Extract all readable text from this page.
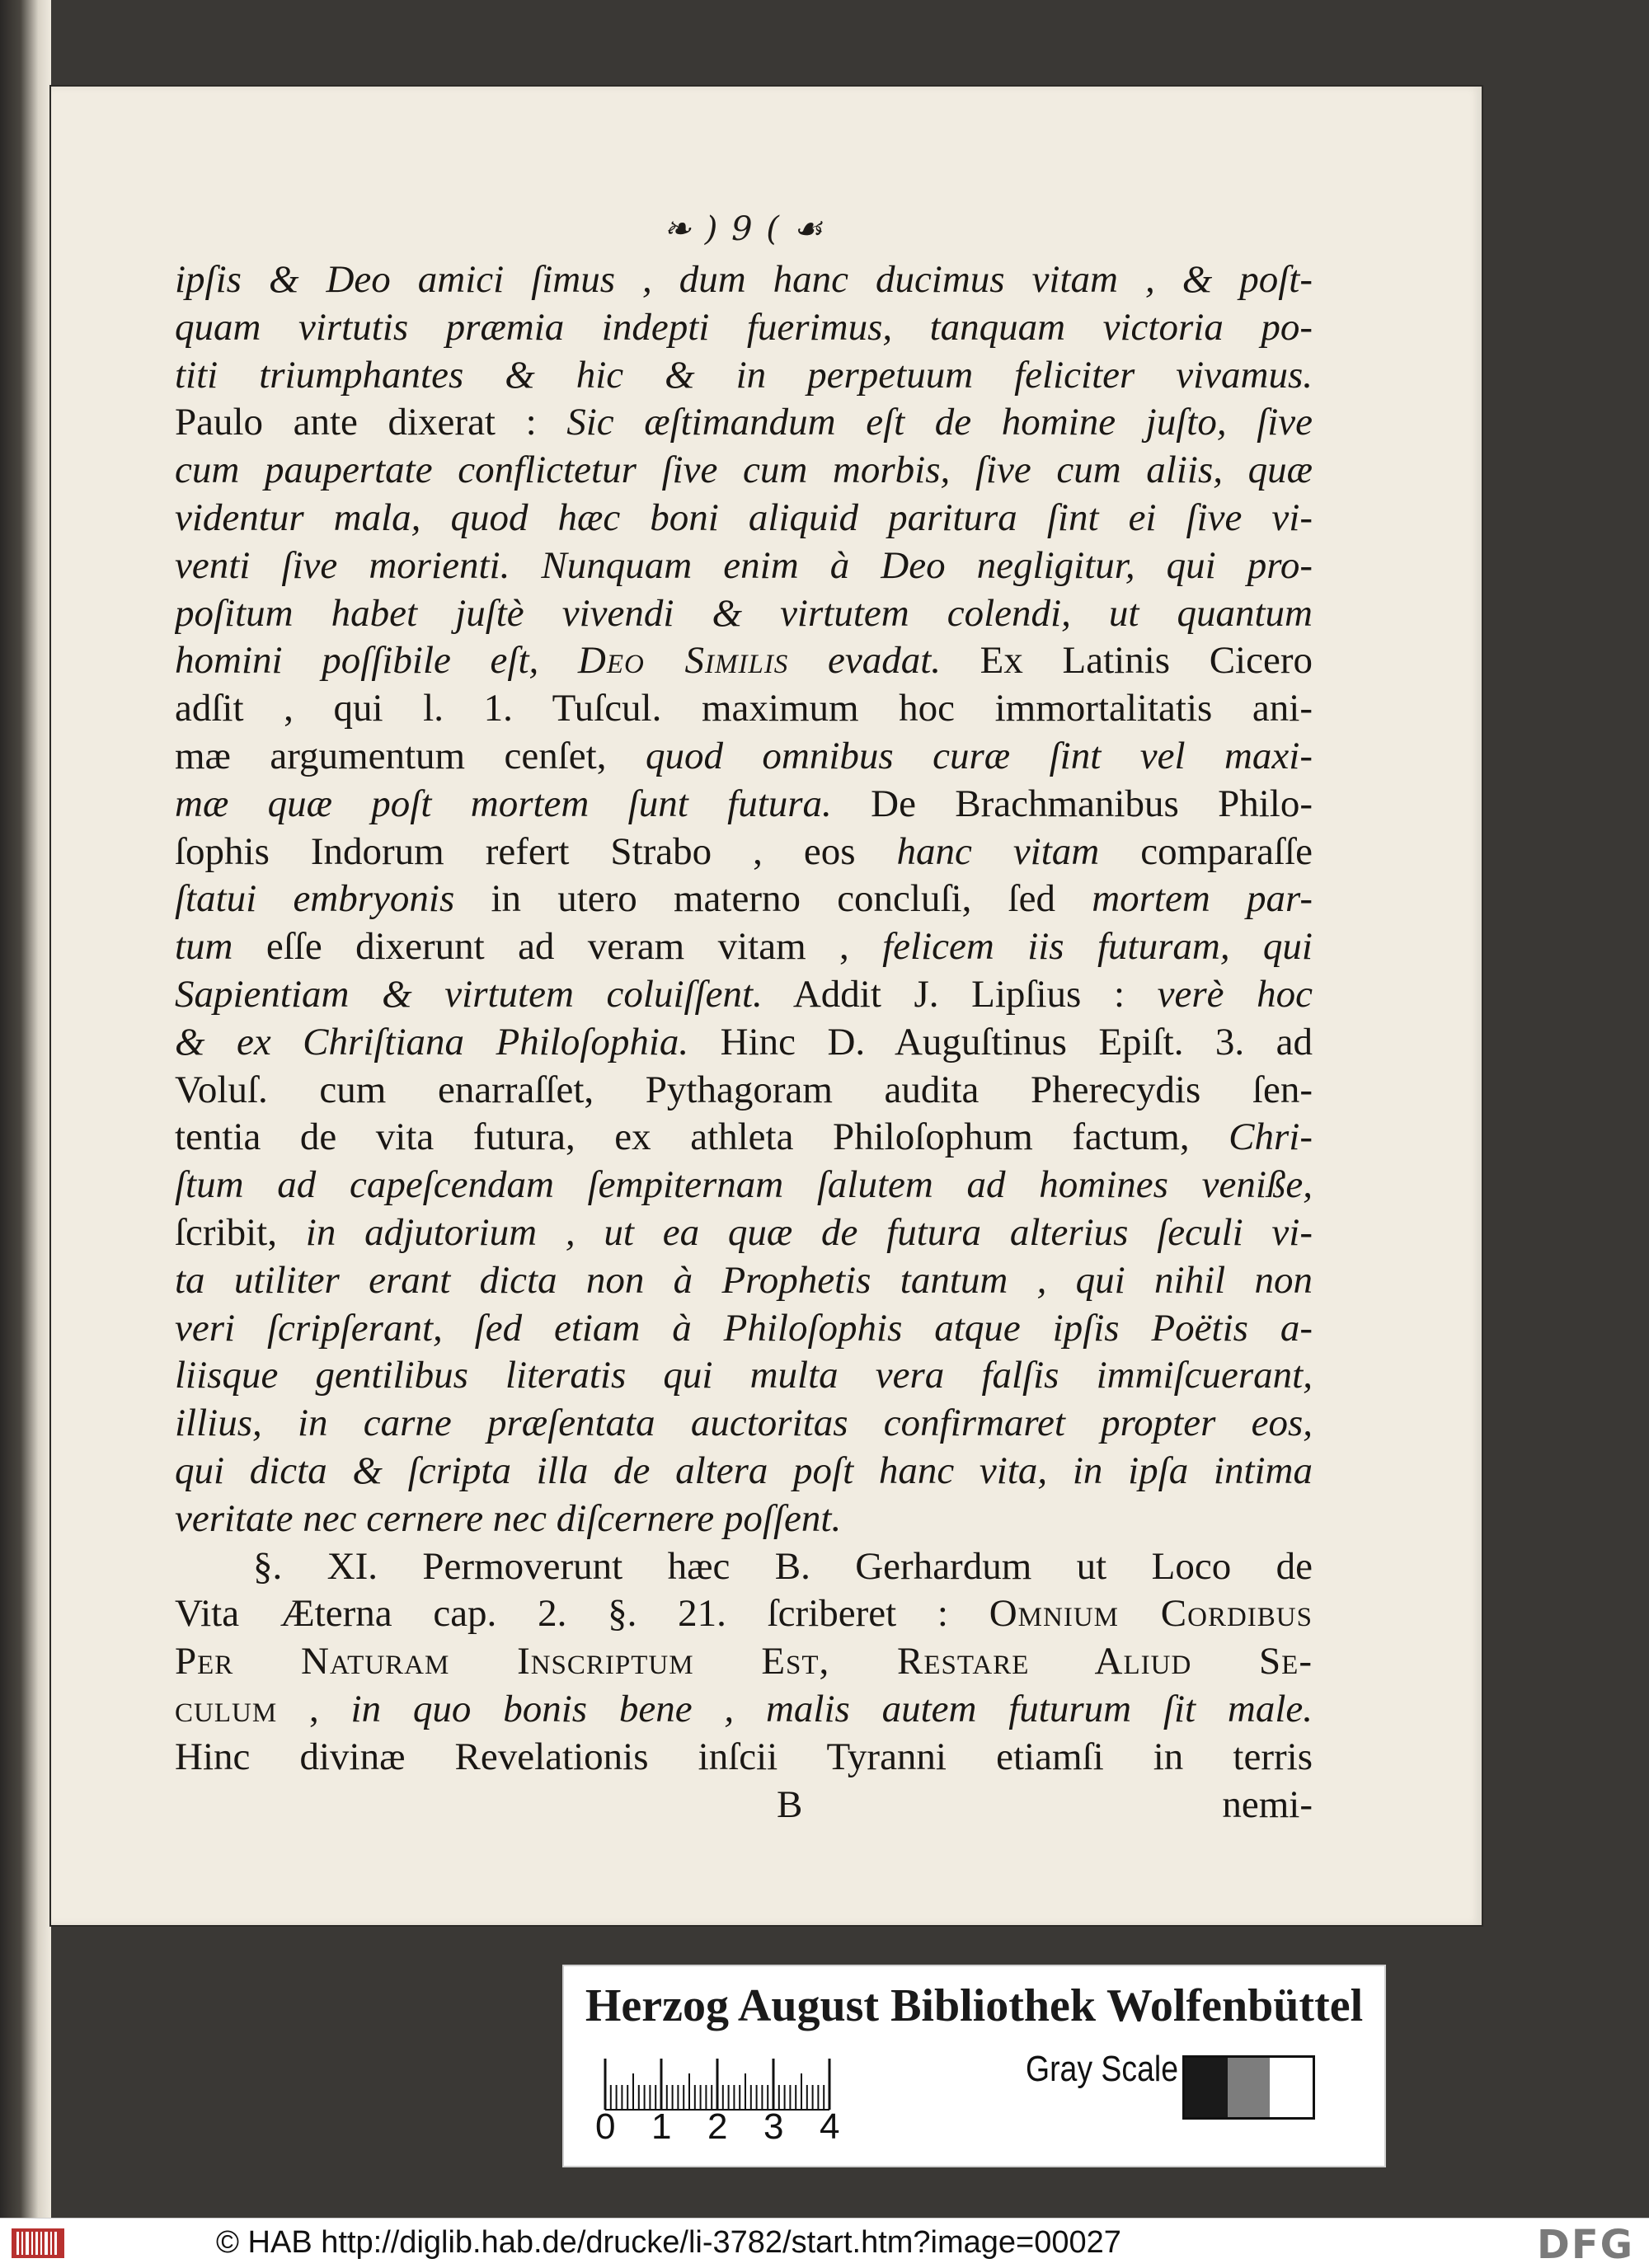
❧ ) 9 ( ☙
ipſis & Deo amici ſimus , dum hanc ducimus vitam , & poſt-
quam virtutis præmia indepti fuerimus, tanquam victoria po-
titi triumphantes & hic & in perpetuum feliciter vivamus.
Paulo ante dixerat : Sic æſtimandum eſt de homine juſto, ſive
cum paupertate conflictetur ſive cum morbis, ſive cum aliis, quæ
videntur mala, quod hæc boni aliquid paritura ſint ei ſive vi-
venti ſive morienti. Nunquam enim à Deo negligitur, qui pro-
poſitum habet juſtè vivendi & virtutem colendi, ut quantum
homini poſſibile eſt, Deo Similis evadat. Ex Latinis Cicero
adſit , qui l. 1. Tuſcul. maximum hoc immortalitatis ani-
mæ argumentum cenſet, quod omnibus curæ ſint vel maxi-
mæ quæ poſt mortem ſunt futura. De Brachmanibus Philo-
ſophis Indorum refert Strabo , eos hanc vitam comparaſſe
ſtatui embryonis in utero materno concluſi, ſed mortem par-
tum eſſe dixerunt ad veram vitam , felicem iis futuram, qui
Sapientiam & virtutem coluiſſent. Addit J. Lipſius : verè hoc
& ex Chriſtiana Philoſophia. Hinc D. Auguſtinus Epiſt. 3. ad
Voluſ. cum enarraſſet, Pythagoram audita Pherecydis ſen-
tentia de vita futura, ex athleta Philoſophum factum, Chri-
ſtum ad capeſcendam ſempiternam ſalutem ad homines veniße,
ſcribit, in adjutorium , ut ea quæ de futura alterius ſeculi vi-
ta utiliter erant dicta non à Prophetis tantum , qui nihil non
veri ſcripſerant, ſed etiam à Philoſophis atque ipſis Poëtis a-
liisque gentilibus literatis qui multa vera falſis immiſcuerant,
illius, in carne præſentata auctoritas confirmaret propter eos,
qui dicta & ſcripta illa de altera poſt hanc vita, in ipſa intima
veritate nec cernere nec diſcernere poſſent.
§. XI. Permoverunt hæc B. Gerhardum ut Loco de
Vita Æterna cap. 2. §. 21. ſcriberet : Omnium Cordibus
Per Naturam Inscriptum Est, Restare Aliud Se-
culum , in quo bonis bene , malis autem futurum ſit male.
Hinc divinæ Revelationis inſcii Tyranni etiamſi in terris
B	nemi-
Herzog August Bibliothek Wolfenbüttel
0 1 2 3 4
Gray Scale
© HAB http://diglib.hab.de/drucke/li-3782/start.htm?image=00027	DFG
